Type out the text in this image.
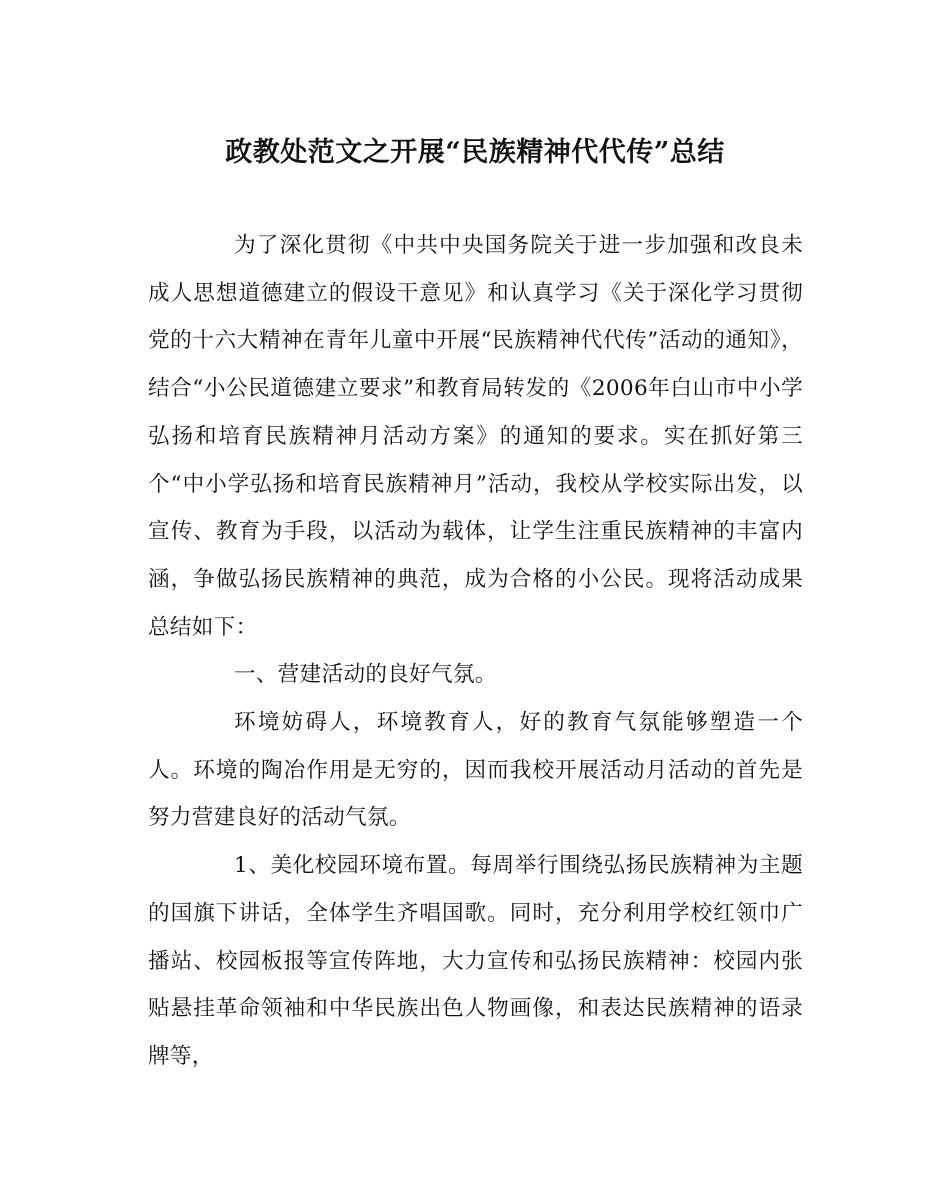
政教处范文之开展“民族精神代代传”总结

为了深化贯彻《中共中央国务院关于进一步加强和改良未成人思想道德建立的假设干意见》和认真学习《关于深化学习贯彻党的十六大精神在青年儿童中开展“民族精神代代传”活动的通知》，结合“小公民道德建立要求”和教育局转发的《2006年白山市中小学弘扬和培育民族精神月活动方案》的通知的要求。实在抓好第三个“中小学弘扬和培育民族精神月”活动，我校从学校实际出发，以宣传、教育为手段，以活动为载体，让学生注重民族精神的丰富内涵，争做弘扬民族精神的典范，成为合格的小公民。现将活动成果总结如下：

一、营建活动的良好气氛。

环境妨碍人，环境教育人，好的教育气氛能够塑造一个人。环境的陶冶作用是无穷的，因而我校开展活动月活动的首先是努力营建良好的活动气氛。

1、美化校园环境布置。每周举行围绕弘扬民族精神为主题的国旗下讲话，全体学生齐唱国歌。同时，充分利用学校红领巾广播站、校园板报等宣传阵地，大力宣传和弘扬民族精神：校园内张贴悬挂革命领袖和中华民族出色人物画像，和表达民族精神的语录牌等，
